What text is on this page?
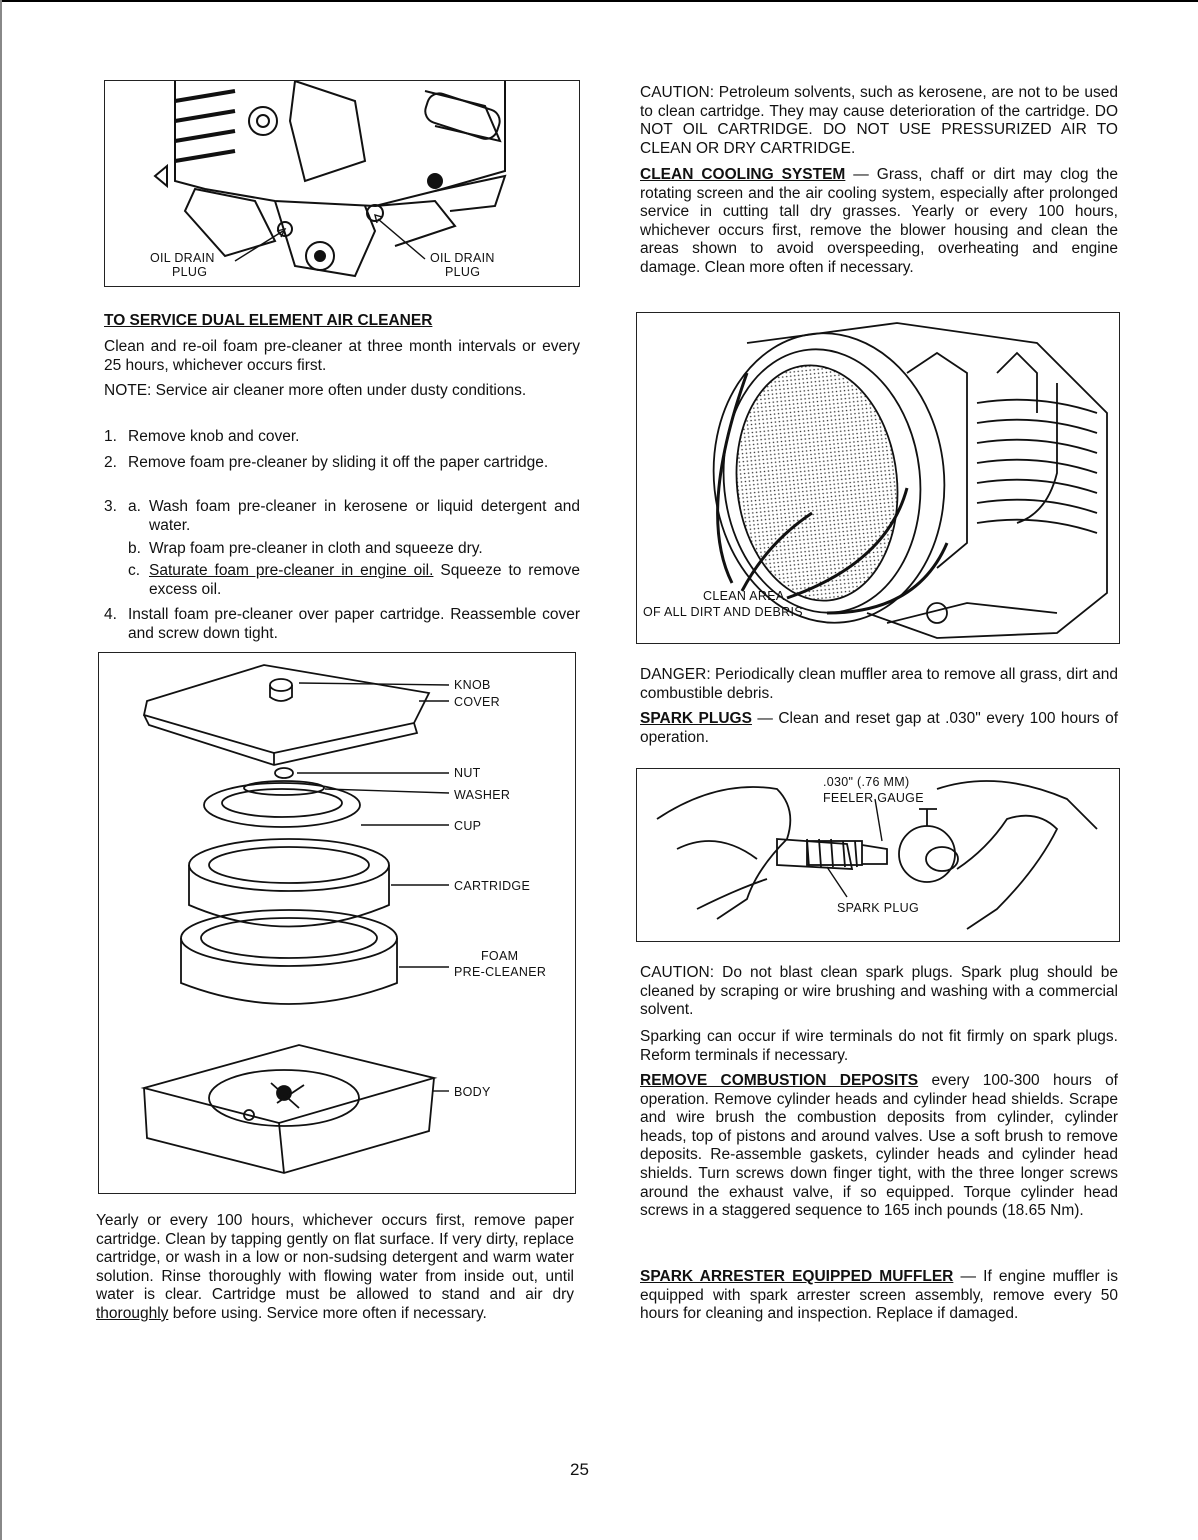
OIL DRAIN
PLUG
OIL DRAIN
PLUG
TO SERVICE DUAL ELEMENT AIR CLEANER

Clean and re-oil foam pre-cleaner at three month intervals or every 25 hours, whichever occurs first.

NOTE: Service air cleaner more often under dusty conditions.

1. Remove knob and cover.
2. Remove foam pre-cleaner by sliding it off the paper cartridge.
3. a. Wash foam pre-cleaner in kerosene or liquid detergent and water.
b. Wrap foam pre-cleaner in cloth and squeeze dry.
c. Saturate foam pre-cleaner in engine oil. Squeeze to remove excess oil.
4. Install foam pre-cleaner over paper cartridge. Reassemble cover and screw down tight.
KNOB
COVER
NUT
WASHER
CUP
CARTRIDGE
FOAM
PRE-CLEANER
BODY

Yearly or every 100 hours, whichever occurs first, remove paper cartridge. Clean by tapping gently on flat surface. If very dirty, replace cartridge, or wash in a low or non-sudsing detergent and warm water solution. Rinse thoroughly with flowing water from inside out, until water is clear. Cartridge must be allowed to stand and air dry thoroughly before using. Service more often if necessary.

CAUTION: Petroleum solvents, such as kerosene, are not to be used to clean cartridge. They may cause deterioration of the cartridge. DO NOT OIL CARTRIDGE. DO NOT USE PRESSURIZED AIR TO CLEAN OR DRY CARTRIDGE.

CLEAN COOLING SYSTEM — Grass, chaff or dirt may clog the rotating screen and the air cooling system, especially after prolonged service in cutting tall dry grasses. Yearly or every 100 hours, whichever occurs first, remove the blower housing and clean the areas shown to avoid overspeeding, overheating and engine damage. Clean more often if necessary.

CLEAN AREA
OF ALL DIRT AND DEBRIS

DANGER: Periodically clean muffler area to remove all grass, dirt and combustible debris.

SPARK PLUGS — Clean and reset gap at .030" every 100 hours of operation.

.030" (.76 MM)
FEELER GAUGE
SPARK PLUG

CAUTION: Do not blast clean spark plugs. Spark plug should be cleaned by scraping or wire brushing and washing with a commercial solvent.

Sparking can occur if wire terminals do not fit firmly on spark plugs. Reform terminals if necessary.

REMOVE COMBUSTION DEPOSITS every 100-300 hours of operation. Remove cylinder heads and cylinder head shields. Scrape and wire brush the combustion deposits from cylinder, cylinder heads, top of pistons and around valves. Use a soft brush to remove deposits. Re-assemble gaskets, cylinder heads and cylinder head shields. Turn screws down finger tight, with the three longer screws around the exhaust valve, if so equipped. Torque cylinder head screws in a staggered sequence to 165 inch pounds (18.65 Nm).

SPARK ARRESTER EQUIPPED MUFFLER — If engine muffler is equipped with spark arrester screen assembly, remove every 50 hours for cleaning and inspection. Replace if damaged.

25
